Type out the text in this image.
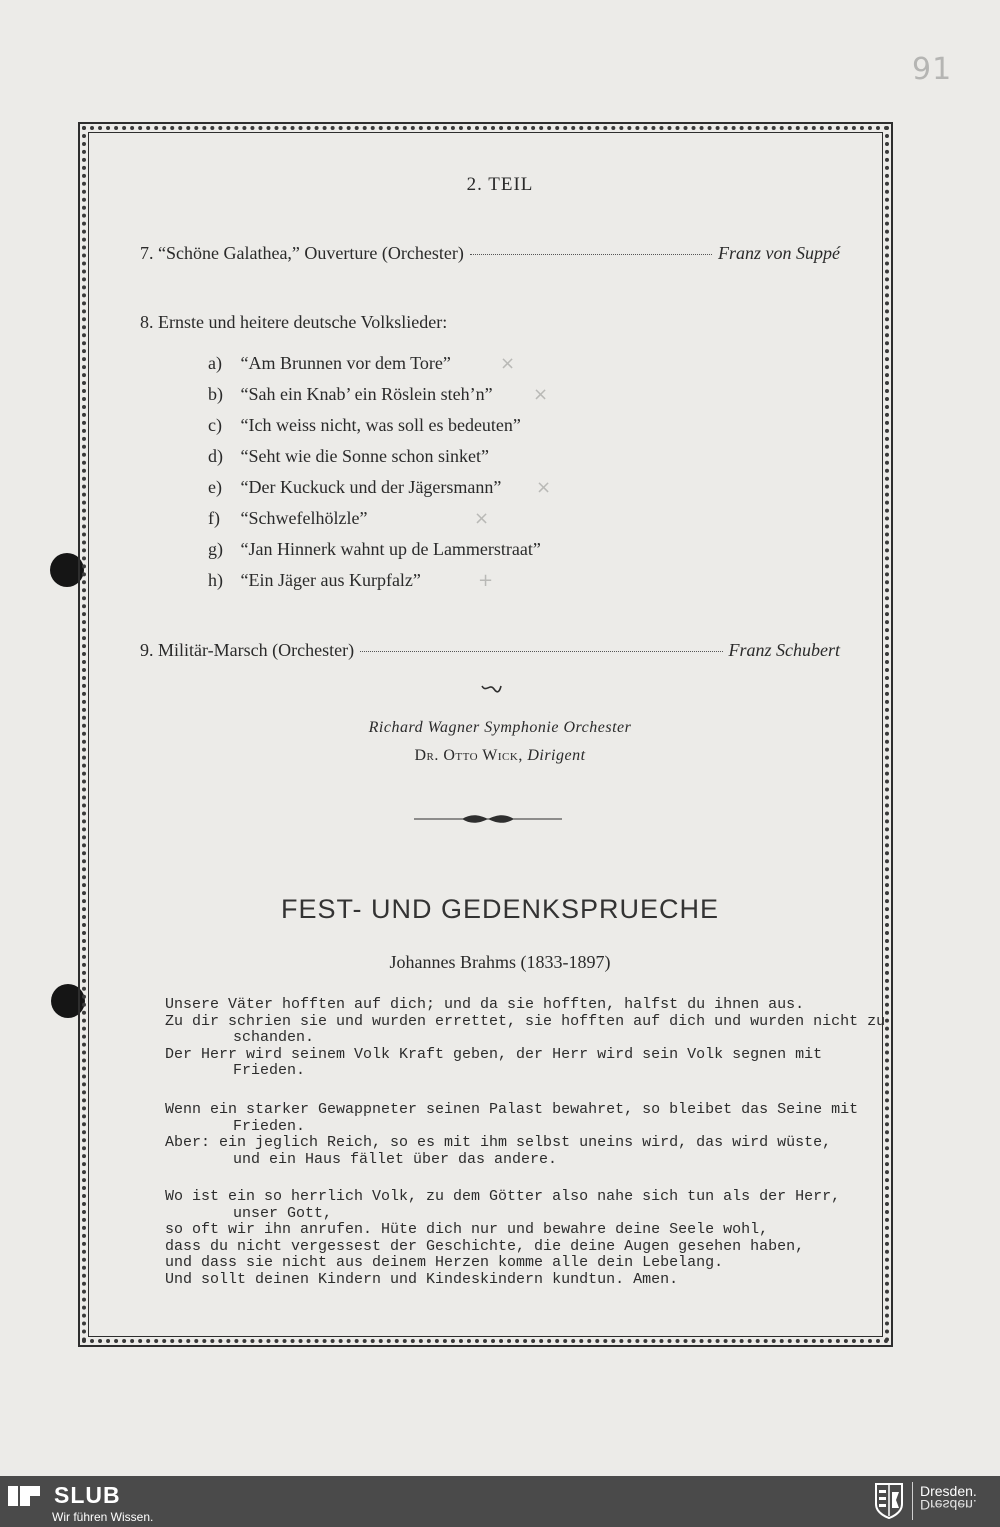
91
2. TEIL
7. “Schöne Galathea,” Ouverture (Orchester)	Franz von Suppé
8. Ernste und heitere deutsche Volkslieder:
a) “Am Brunnen vor dem Tore”	×
b) “Sah ein Knab’ ein Röslein steh’n” ×
c) “Ich weiss nicht, was soll es bedeuten”
d) “Seht wie die Sonne schon sinket”
e) “Der Kuckuck und der Jägersmann” ×
f) “Schwefelhölzle”	×
g) “Jan Hinnerk wahnt up de Lammerstraat”
h) “Ein Jäger aus Kurpfalz”	+
9. Militär-Marsch (Orchester)	Franz Schubert
Richard Wagner Symphonie Orchester
Dr. Otto Wick, Dirigent
FEST- UND GEDENKSPRUECHE
Johannes Brahms (1833-1897)
Unsere Väter hofften auf dich; und da sie hofften, halfst du ihnen aus.
Zu dir schrien sie und wurden errettet, sie hofften auf dich und wurden nicht zu
schanden.
Der Herr wird seinem Volk Kraft geben, der Herr wird sein Volk segnen mit
Frieden.
Wenn ein starker Gewappneter seinen Palast bewahret, so bleibet das Seine mit
Frieden.
Aber: ein jeglich Reich, so es mit ihm selbst uneins wird, das wird wüste,
und ein Haus fället über das andere.
Wo ist ein so herrlich Volk, zu dem Götter also nahe sich tun als der Herr,
unser Gott,
so oft wir ihn anrufen. Hüte dich nur und bewahre deine Seele wohl,
dass du nicht vergessest der Geschichte, die deine Augen gesehen haben,
und dass sie nicht aus deinem Herzen komme alle dein Lebelang.
Und sollt deinen Kindern und Kindeskindern kundtun. Amen.
SLUB
Wir führen Wissen.
Dresden.
Dresden.
